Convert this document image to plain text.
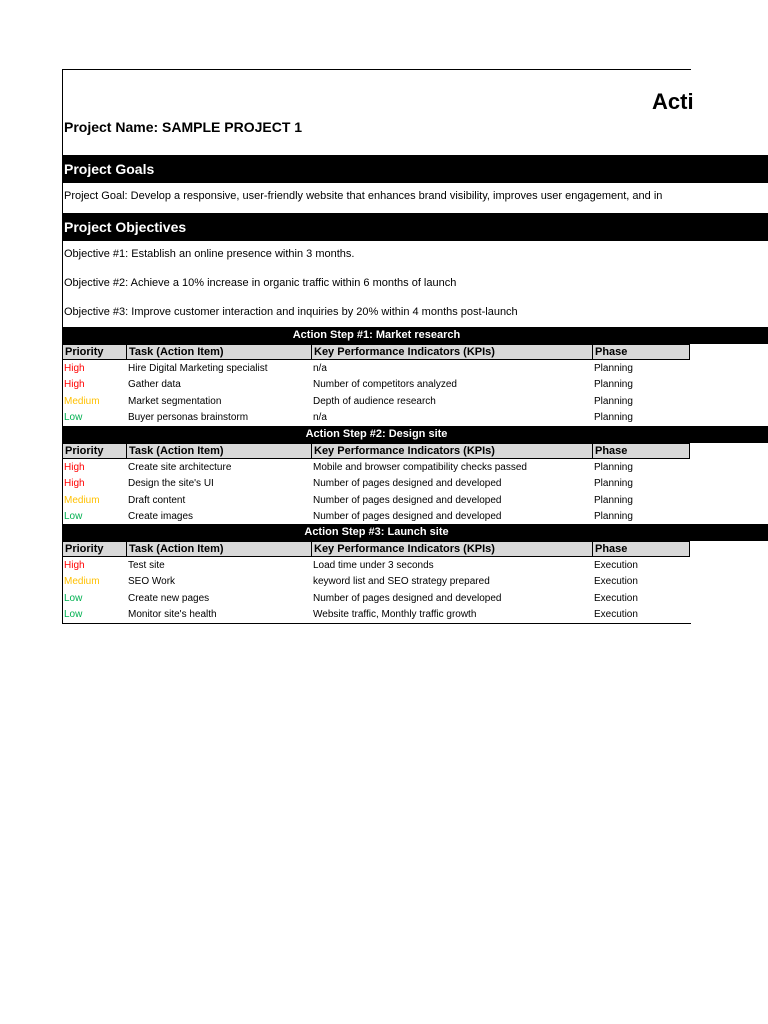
Acti
Project Name: SAMPLE PROJECT 1
Project Goals
Project Goal: Develop a responsive, user-friendly website that enhances brand visibility, improves user engagement, and in
Project Objectives
Objective #1: Establish an online presence within 3 months.
Objective #2: Achieve a 10% increase in organic traffic within 6 months of launch
Objective #3: Improve customer interaction and inquiries by 20% within 4 months post-launch
Action Step #1: Market research
Priority	Task (Action Item)	Key Performance Indicators (KPIs)	Phase
High	Hire Digital Marketing specialist	n/a	Planning
High	Gather data	Number of competitors analyzed	Planning
Medium	Market segmentation	Depth of audience research	Planning
Low	Buyer personas brainstorm	n/a	Planning
Action Step #2: Design site
Priority	Task (Action Item)	Key Performance Indicators (KPIs)	Phase
High	Create site architecture	Mobile and browser compatibility checks passed	Planning
High	Design the site's UI	Number of pages designed and developed	Planning
Medium	Draft content	Number of pages designed and developed	Planning
Low	Create images	Number of pages designed and developed	Planning
Action Step #3: Launch site
Priority	Task (Action Item)	Key Performance Indicators (KPIs)	Phase
High	Test site	Load time under 3 seconds	Execution
Medium	SEO Work	keyword list and SEO strategy prepared	Execution
Low	Create new pages	Number of pages designed and developed	Execution
Low	Monitor site's health	Website traffic, Monthly traffic growth	Execution
